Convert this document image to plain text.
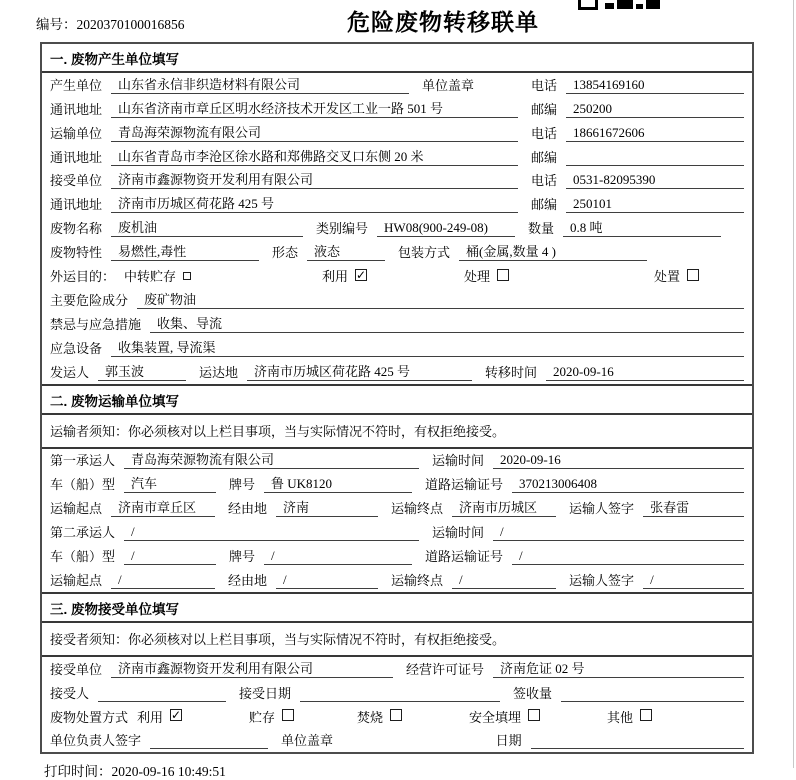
编号：2020370100016856	危险废物转移联单
一. 废物产生单位填写
产生单位	山东省永信非织造材料有限公司	单位盖章	电话	13854169160
通讯地址	山东省济南市章丘区明水经济技术开发区工业一路 501 号	邮编	250200
运输单位	青岛海荣源物流有限公司	电话	18661672606
通讯地址	山东省青岛市李沧区徐水路和郑佛路交叉口东侧 20 米	邮编
接受单位	济南市鑫源物资开发利用有限公司	电话	0531-82095390
通讯地址	济南市历城区荷花路 425 号	邮编	250101
废物名称	废机油	类别编号	HW08(900-249-08)	数量	0.8 吨
废物特性	易燃性,毒性	形态	液态	包装方式	桶(金属,数量 4 )
外运目的： 中转贮存	利用 ✓	处理	处置
主要危险成分	废矿物油
禁忌与应急措施	收集、导流
应急设备	收集装置, 导流渠
发运人	郭玉波	运达地	济南市历城区荷花路 425 号	转移时间	2020-09-16
二. 废物运输单位填写
运输者须知：你必须核对以上栏目事项，当与实际情况不符时，有权拒绝接受。
第一承运人	青岛海荣源物流有限公司	运输时间	2020-09-16
车（船）型	汽车	牌号	鲁 UK8120	道路运输证号	370213006408
运输起点	济南市章丘区	经由地	济南	运输终点	济南市历城区	运输人签字	张春雷
第二承运人	/	运输时间	/
车（船）型	/	牌号	/	道路运输证号	/
运输起点	/	经由地	/	运输终点	/	运输人签字	/
三. 废物接受单位填写
接受者须知：你必须核对以上栏目事项，当与实际情况不符时，有权拒绝接受。
接受单位	济南市鑫源物资开发利用有限公司	经营许可证号	济南危证 02 号
接受人	接受日期	签收量
废物处置方式 利用 ✓	贮存	焚烧	安全填埋	其他
单位负责人签字	单位盖章	日期
打印时间：2020-09-16 10:49:51
